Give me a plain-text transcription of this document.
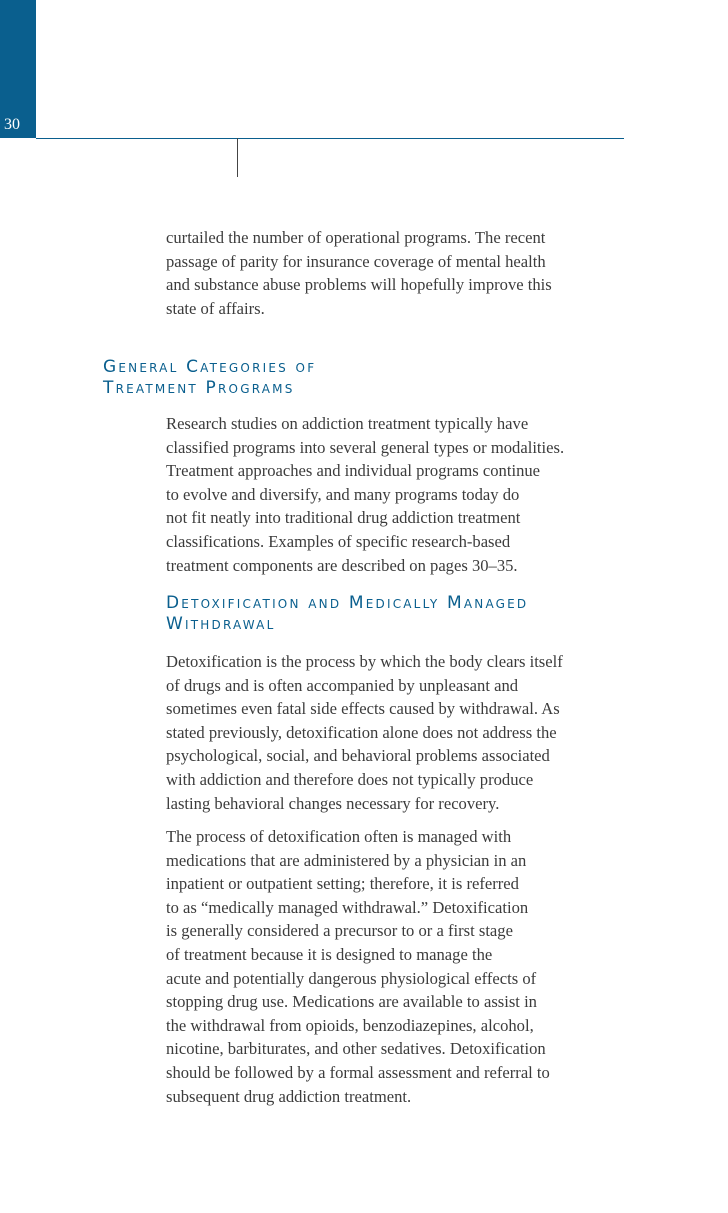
30

curtailed the number of operational programs. The recent
passage of parity for insurance coverage of mental health
and substance abuse problems will hopefully improve this
state of affairs.

General Categories of
Treatment Programs

Research studies on addiction treatment typically have
classified programs into several general types or modalities.
Treatment approaches and individual programs continue
to evolve and diversify, and many programs today do
not fit neatly into traditional drug addiction treatment
classifications. Examples of specific research-based
treatment components are described on pages 30–35.

Detoxification and Medically Managed
Withdrawal

Detoxification is the process by which the body clears itself
of drugs and is often accompanied by unpleasant and
sometimes even fatal side effects caused by withdrawal. As
stated previously, detoxification alone does not address the
psychological, social, and behavioral problems associated
with addiction and therefore does not typically produce
lasting behavioral changes necessary for recovery.

The process of detoxification often is managed with
medications that are administered by a physician in an
inpatient or outpatient setting; therefore, it is referred
to as “medically managed withdrawal.” Detoxification
is generally considered a precursor to or a first stage
of treatment because it is designed to manage the
acute and potentially dangerous physiological effects of
stopping drug use. Medications are available to assist in
the withdrawal from opioids, benzodiazepines, alcohol,
nicotine, barbiturates, and other sedatives. Detoxification
should be followed by a formal assessment and referral to
subsequent drug addiction treatment.
